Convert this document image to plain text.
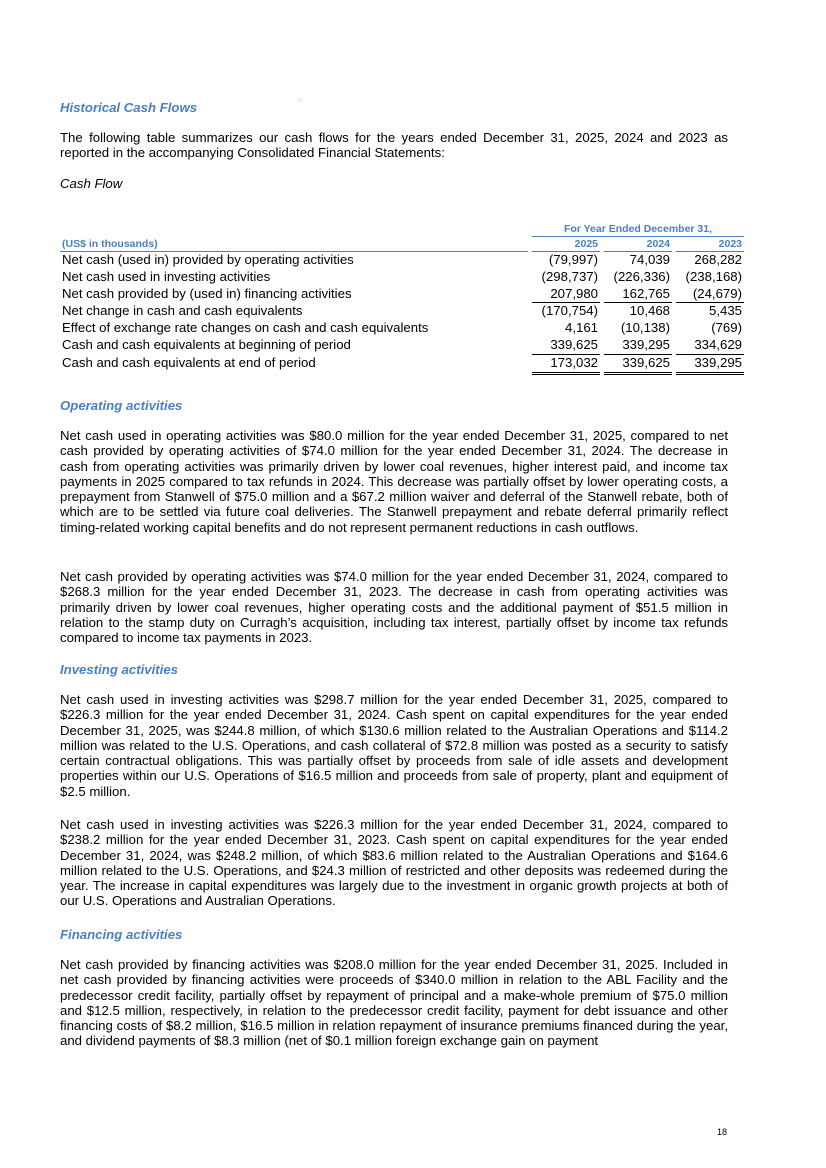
Historical Cash Flows

The following table summarizes our cash flows for the years ended December 31, 2025, 2024 and 2023 as reported in the accompanying Consolidated Financial Statements:

Cash Flow

		For Year Ended December 31,				
(US$ in thousands)		2025		2024		2023
Net cash (used in) provided by operating activities		(79,997)		74,039		268,282
Net cash used in investing activities		(298,737)		(226,336)		(238,168)
Net cash provided by (used in) financing activities		207,980		162,765		(24,679)
Net change in cash and cash equivalents		(170,754)		10,468		5,435
Effect of exchange rate changes on cash and cash equivalents		4,161		(10,138)		(769)
Cash and cash equivalents at beginning of period		339,625		339,295		334,629
Cash and cash equivalents at end of period		173,032		339,625		339,295
Operating activities

Net cash used in operating activities was $80.0 million for the year ended December 31, 2025, compared to net cash provided by operating activities of $74.0 million for the year ended December 31, 2024. The decrease in cash from operating activities was primarily driven by lower coal revenues, higher interest paid, and income tax payments in 2025 compared to tax refunds in 2024. This decrease was partially offset by lower operating costs, a prepayment from Stanwell of $75.0 million and a $67.2 million waiver and deferral of the Stanwell rebate, both of which are to be settled via future coal deliveries. The Stanwell prepayment and rebate deferral primarily reflect timing-related working capital benefits and do not represent permanent reductions in cash outflows.

Net cash provided by operating activities was $74.0 million for the year ended December 31, 2024, compared to $268.3 million for the year ended December 31, 2023. The decrease in cash from operating activities was primarily driven by lower coal revenues, higher operating costs and the additional payment of $51.5 million in relation to the stamp duty on Curragh’s acquisition, including tax interest, partially offset by income tax refunds compared to income tax payments in 2023.

Investing activities

Net cash used in investing activities was $298.7 million for the year ended December 31, 2025, compared to $226.3 million for the year ended December 31, 2024. Cash spent on capital expenditures for the year ended December 31, 2025, was $244.8 million, of which $130.6 million related to the Australian Operations and $114.2 million was related to the U.S. Operations, and cash collateral of $72.8 million was posted as a security to satisfy certain contractual obligations. This was partially offset by proceeds from sale of idle assets and development properties within our U.S. Operations of $16.5 million and proceeds from sale of property, plant and equipment of $2.5 million.

Net cash used in investing activities was $226.3 million for the year ended December 31, 2024, compared to $238.2 million for the year ended December 31, 2023. Cash spent on capital expenditures for the year ended December 31, 2024, was $248.2 million, of which $83.6 million related to the Australian Operations and $164.6 million related to the U.S. Operations, and $24.3 million of restricted and other deposits was redeemed during the year. The increase in capital expenditures was largely due to the investment in organic growth projects at both of our U.S. Operations and Australian Operations.

Financing activities

Net cash provided by financing activities was $208.0 million for the year ended December 31, 2025. Included in net cash provided by financing activities were proceeds of $340.0 million in relation to the ABL Facility and the predecessor credit facility, partially offset by repayment of principal and a make-whole premium of $75.0 million and $12.5 million, respectively, in relation to the predecessor credit facility, payment for debt issuance and other financing costs of $8.2 million, $16.5 million in relation repayment of insurance premiums financed during the year, and dividend payments of $8.3 million (net of $0.1 million foreign exchange gain on payment

18
